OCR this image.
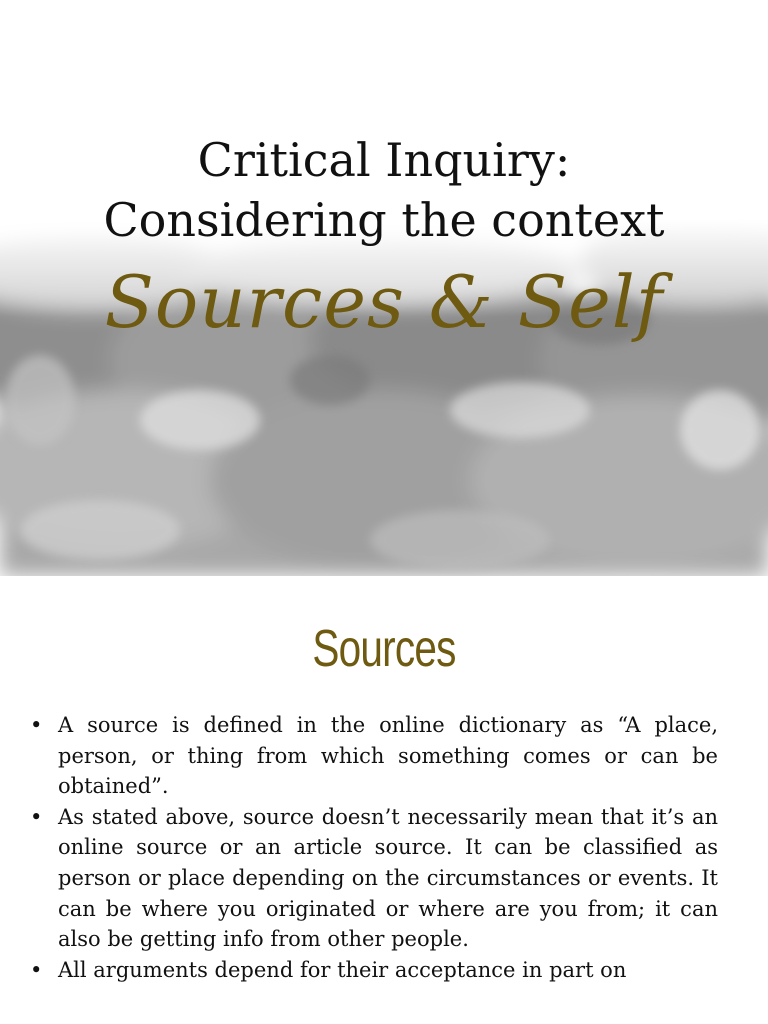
Critical Inquiry:
Considering the context
Sources & Self
Sources
• A source is defined in the online dictionary as “A place, person, or thing from which something comes or can be obtained”.
• As stated above, source doesn’t necessarily mean that it’s an online source or an article source. It can be classified as person or place depending on the circumstances or events. It can be where you originated or where are you from; it can also be getting info from other people.
• All arguments depend for their acceptance in part on
